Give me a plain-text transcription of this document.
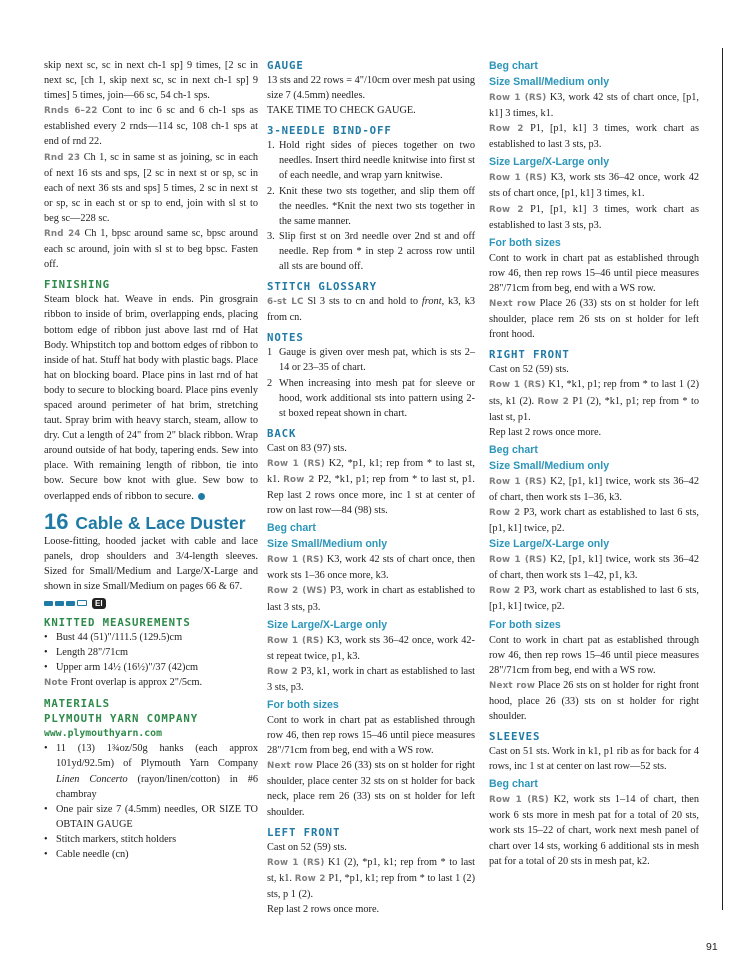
skip next sc, sc in next ch-1 sp] 9 times, [2 sc in next sc, [ch 1, skip next sc, sc in next ch-1 sp] 9 times] 5 times, join—66 sc, 54 ch-1 sps.

Rnds 6–22 Cont to inc 6 sc and 6 ch-1 sps as established every 2 rnds—114 sc, 108 ch-1 sps at end of rnd 22.

Rnd 23 Ch 1, sc in same st as joining, sc in each of next 16 sts and sps, [2 sc in next st or sp, sc in each of next 36 sts and sps] 5 times, 2 sc in next st or sp, sc in each st or sp to end, join with sl st to beg sc—228 sc.

Rnd 24 Ch 1, bpsc around same sc, bpsc around each sc around, join with sl st to beg bpsc. Fasten off.

FINISHING

Steam block hat. Weave in ends. Pin grosgrain ribbon to inside of brim, overlapping ends, placing bottom edge of ribbon just above last rnd of Hat Body. Whipstitch top and bottom edges of ribbon to inside of hat. Stuff hat body with plastic bags. Place hat on blocking board. Place pins in last rnd of hat body to secure to blocking board. Place pins evenly spaced around perimeter of hat brim, stretching taut. Spray brim with heavy starch, steam, allow to dry. Cut a length of 24" from 2" black ribbon. Wrap around outside of hat body, tapering ends. Sew into place. With remaining length of ribbon, tie into bow. Secure bow knot with glue. Sew bow to overlapped ends of ribbon to secure.

16 Cable & Lace Duster

Loose-fitting, hooded jacket with cable and lace panels, drop shoulders and 3/4-length sleeves. Sized for Small/Medium and Large/X-Large and shown in size Small/Medium on pages 66 & 67.

EI
KNITTED MEASUREMENTS
• Bust 44 (51)"/111.5 (129.5)cm
• Length 28"/71cm
• Upper arm 14½ (16½)"/37 (42)cm

Note Front overlap is approx 2"/5cm.

MATERIALS
PLYMOUTH YARN COMPANY
www.plymouthyarn.com
• 11 (13) 1¾oz/50g hanks (each approx 101yd/92.5m) of Plymouth Yarn Company Linen Concerto (rayon/linen/cotton) in #6 chambray
• One pair size 7 (4.5mm) needles, OR SIZE TO OBTAIN GAUGE
• Stitch markers, stitch holders
• Cable needle (cn)
GAUGE

13 sts and 22 rows = 4"/10cm over mesh pat using size 7 (4.5mm) needles.

TAKE TIME TO CHECK GAUGE.

3-NEEDLE BIND-OFF
1. Hold right sides of pieces together on two needles. Insert third needle knitwise into first st of each needle, and wrap yarn knitwise.
2. Knit these two sts together, and slip them off the needles. *Knit the next two sts together in the same manner.
3. Slip first st on 3rd needle over 2nd st and off needle. Rep from * in step 2 across row until all sts are bound off.
STITCH GLOSSARY

6-st LC Sl 3 sts to cn and hold to front, k3, k3 from cn.

NOTES
1 Gauge is given over mesh pat, which is sts 2–14 or 23–35 of chart.
2 When increasing into mesh pat for sleeve or hood, work additional sts into pattern using 2-st boxed repeat shown in chart.
BACK

Cast on 83 (97) sts.

Row 1 (RS) K2, *p1, k1; rep from * to last st, k1. Row 2 P2, *k1, p1; rep from * to last st, p1. Rep last 2 rows once more, inc 1 st at center of row on last row—84 (98) sts.

Beg chart
Size Small/Medium only

Row 1 (RS) K3, work 42 sts of chart once, then work sts 1–36 once more, k3.

Row 2 (WS) P3, work in chart as established to last 3 sts, p3.

Size Large/X-Large only

Row 1 (RS) K3, work sts 36–42 once, work 42-st repeat twice, p1, k3.

Row 2 P3, k1, work in chart as established to last 3 sts, p3.

For both sizes

Cont to work in chart pat as established through row 46, then rep rows 15–46 until piece measures 28"/71cm from beg, end with a WS row.

Next row Place 26 (33) sts on st holder for right shoulder, place center 32 sts on st holder for back neck, place rem 26 (33) sts on st holder for left shoulder.

LEFT FRONT

Cast on 52 (59) sts.

Row 1 (RS) K1 (2), *p1, k1; rep from * to last st, k1. Row 2 P1, *p1, k1; rep from * to last 1 (2) sts, p 1 (2).

Rep last 2 rows once more.

Beg chart
Size Small/Medium only

Row 1 (RS) K3, work 42 sts of chart once, [p1, k1] 3 times, k1.

Row 2 P1, [p1, k1] 3 times, work chart as established to last 3 sts, p3.

Size Large/X-Large only

Row 1 (RS) K3, work sts 36–42 once, work 42 sts of chart once, [p1, k1] 3 times, k1.

Row 2 P1, [p1, k1] 3 times, work chart as established to last 3 sts, p3.

For both sizes

Cont to work in chart pat as established through row 46, then rep rows 15–46 until piece measures 28"/71cm from beg, end with a WS row.

Next row Place 26 (33) sts on st holder for left shoulder, place rem 26 sts on st holder for left front hood.

RIGHT FRONT

Cast on 52 (59) sts.

Row 1 (RS) K1, *k1, p1; rep from * to last 1 (2) sts, k1 (2). Row 2 P1 (2), *k1, p1; rep from * to last st, p1.

Rep last 2 rows once more.

Beg chart
Size Small/Medium only

Row 1 (RS) K2, [p1, k1] twice, work sts 36–42 of chart, then work sts 1–36, k3.

Row 2 P3, work chart as established to last 6 sts, [p1, k1] twice, p2.

Size Large/X-Large only

Row 1 (RS) K2, [p1, k1] twice, work sts 36–42 of chart, then work sts 1–42, p1, k3.

Row 2 P3, work chart as established to last 6 sts, [p1, k1] twice, p2.

For both sizes

Cont to work in chart pat as established through row 46, then rep rows 15–46 until piece measures 28"/71cm from beg, end with a WS row.

Next row Place 26 sts on st holder for right front hood, place 26 (33) sts on st holder for right shoulder.

SLEEVES

Cast on 51 sts. Work in k1, p1 rib as for back for 4 rows, inc 1 st at center on last row—52 sts.

Beg chart

Row 1 (RS) K2, work sts 1–14 of chart, then work 6 sts more in mesh pat for a total of 20 sts, work sts 15–22 of chart, work next mesh panel of chart over 14 sts, working 6 additional sts in mesh pat for a total of 20 sts in mesh pat, k2.

91
